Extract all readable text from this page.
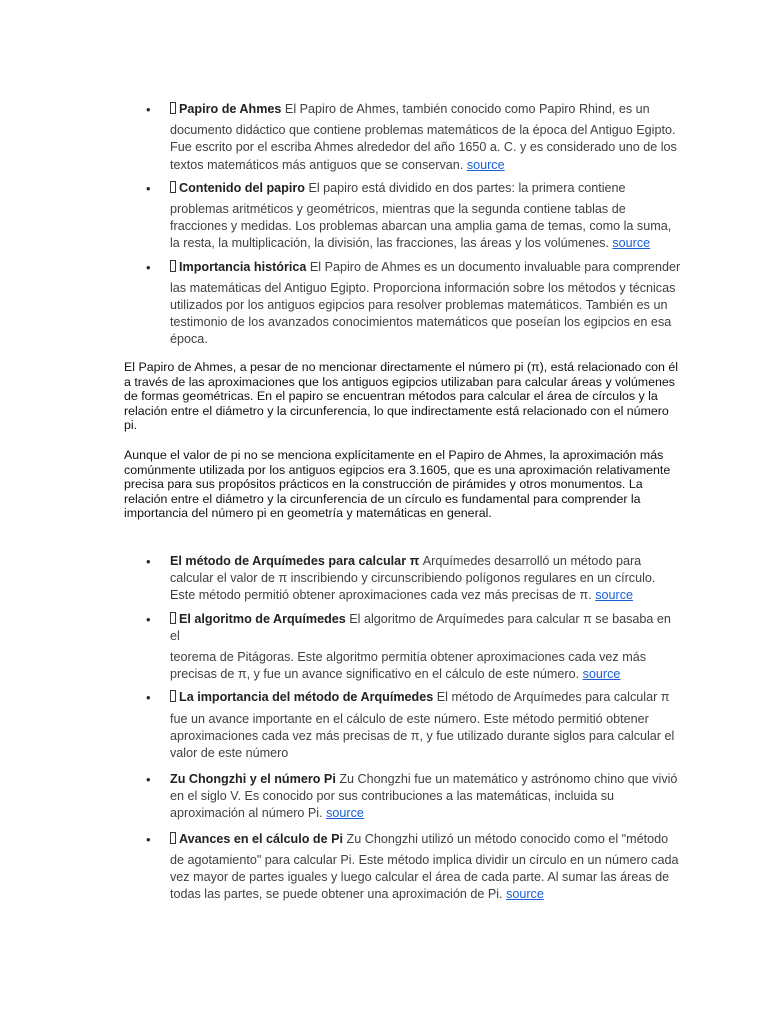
• Papiro de Ahmes El Papiro de Ahmes, también conocido como Papiro Rhind, es un
documento didáctico que contiene problemas matemáticos de la época del Antiguo Egipto. Fue escrito por el escriba Ahmes alrededor del año 1650 a. C. y es considerado uno de los textos matemáticos más antiguos que se conservan. source
• Contenido del papiro El papiro está dividido en dos partes: la primera contiene
problemas aritméticos y geométricos, mientras que la segunda contiene tablas de fracciones y medidas. Los problemas abarcan una amplia gama de temas, como la suma, la resta, la multiplicación, la división, las fracciones, las áreas y los volúmenes. source
• Importancia histórica El Papiro de Ahmes es un documento invaluable para comprender
las matemáticas del Antiguo Egipto. Proporciona información sobre los métodos y técnicas utilizados por los antiguos egipcios para resolver problemas matemáticos. También es un testimonio de los avanzados conocimientos matemáticos que poseían los egipcios en esa época.

El Papiro de Ahmes, a pesar de no mencionar directamente el número pi (π), está relacionado con él a través de las aproximaciones que los antiguos egipcios utilizaban para calcular áreas y volúmenes de formas geométricas. En el papiro se encuentran métodos para calcular el área de círculos y la relación entre el diámetro y la circunferencia, lo que indirectamente está relacionado con el número pi.

Aunque el valor de pi no se menciona explícitamente en el Papiro de Ahmes, la aproximación más comúnmente utilizada por los antiguos egipcios era 3.1605, que es una aproximación relativamente precisa para sus propósitos prácticos en la construcción de pirámides y otros monumentos. La relación entre el diámetro y la circunferencia de un círculo es fundamental para comprender la importancia del número pi en geometría y matemáticas en general.

• El método de Arquímedes para calcular π Arquímedes desarrolló un método para calcular el valor de π inscribiendo y circunscribiendo polígonos regulares en un círculo. Este método permitió obtener aproximaciones cada vez más precisas de π. source
• El algoritmo de Arquímedes El algoritmo de Arquímedes para calcular π se basaba en el
teorema de Pitágoras. Este algoritmo permitía obtener aproximaciones cada vez más precisas de π, y fue un avance significativo en el cálculo de este número. source
• La importancia del método de Arquímedes El método de Arquímedes para calcular π
fue un avance importante en el cálculo de este número. Este método permitió obtener aproximaciones cada vez más precisas de π, y fue utilizado durante siglos para calcular el valor de este número
• Zu Chongzhi y el número Pi Zu Chongzhi fue un matemático y astrónomo chino que vivió en el siglo V. Es conocido por sus contribuciones a las matemáticas, incluida su aproximación al número Pi. source
• Avances en el cálculo de Pi Zu Chongzhi utilizó un método conocido como el "método
de agotamiento" para calcular Pi. Este método implica dividir un círculo en un número cada vez mayor de partes iguales y luego calcular el área de cada parte. Al sumar las áreas de todas las partes, se puede obtener una aproximación de Pi. source
